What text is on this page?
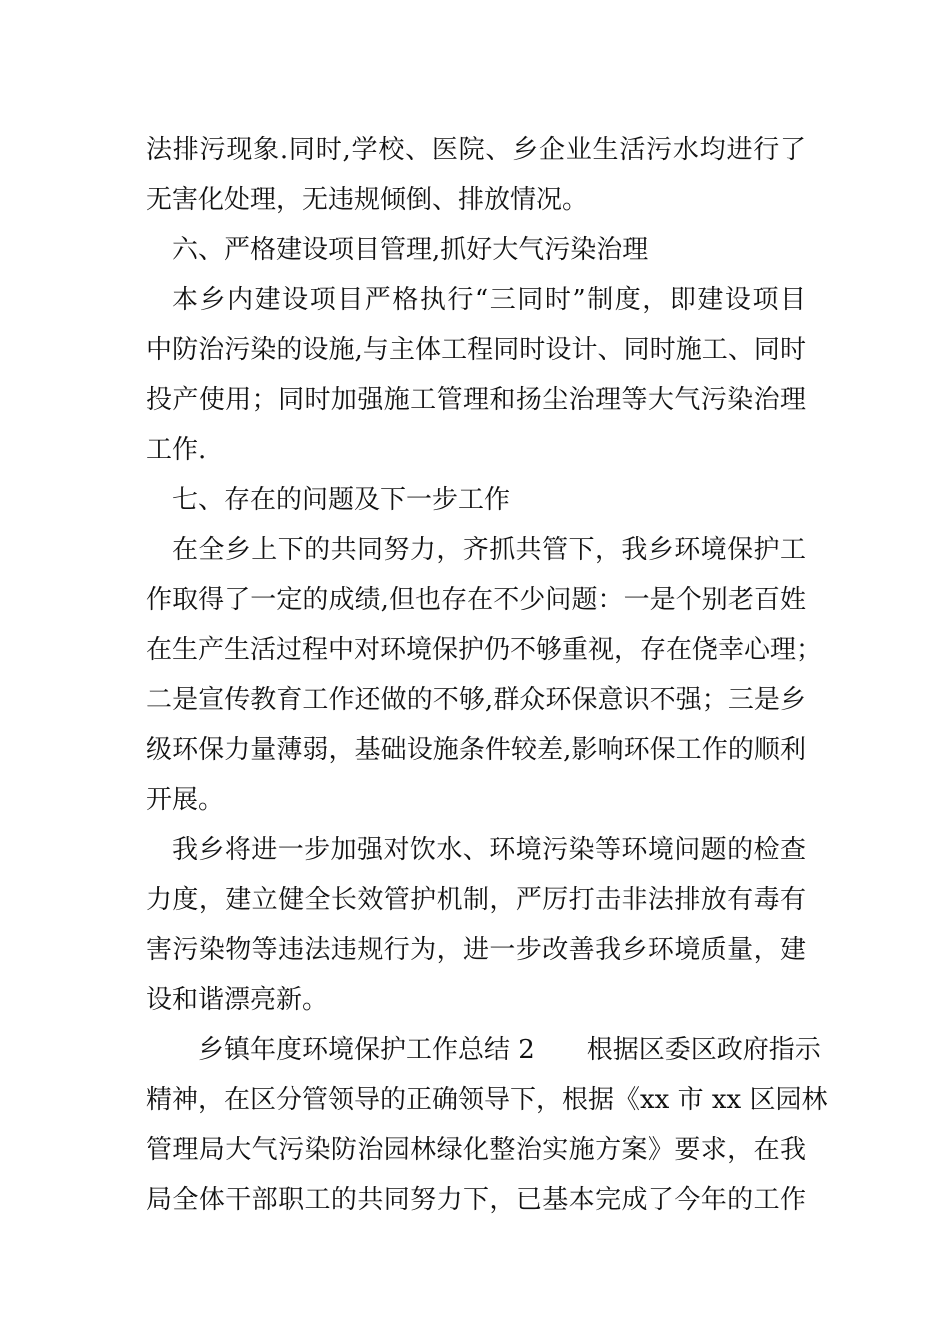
法排污现象.同时,学校、医院、乡企业生活污水均进行了
无害化处理，无违规倾倒、排放情况。
六、严格建设项目管理,抓好大气污染治理
本乡内建设项目严格执行“三同时”制度，即建设项目
中防治污染的设施,与主体工程同时设计、同时施工、同时
投产使用；同时加强施工管理和扬尘治理等大气污染治理
工作.
七、存在的问题及下一步工作
在全乡上下的共同努力，齐抓共管下，我乡环境保护工
作取得了一定的成绩,但也存在不少问题：一是个别老百姓
在生产生活过程中对环境保护仍不够重视，存在侥幸心理；
二是宣传教育工作还做的不够,群众环保意识不强；三是乡
级环保力量薄弱，基础设施条件较差,影响环保工作的顺利
开展。
我乡将进一步加强对饮水、环境污染等环境问题的检查
力度，建立健全长效管护机制，严厉打击非法排放有毒有
害污染物等违法违规行为，进一步改善我乡环境质量，建
设和谐漂亮新。
乡镇年度环境保护工作总结 2　　根据区委区政府指示
精神，在区分管领导的正确领导下，根据《xx 市 xx 区园林
管理局大气污染防治园林绿化整治实施方案》要求，在我
局全体干部职工的共同努力下，已基本完成了今年的工作
